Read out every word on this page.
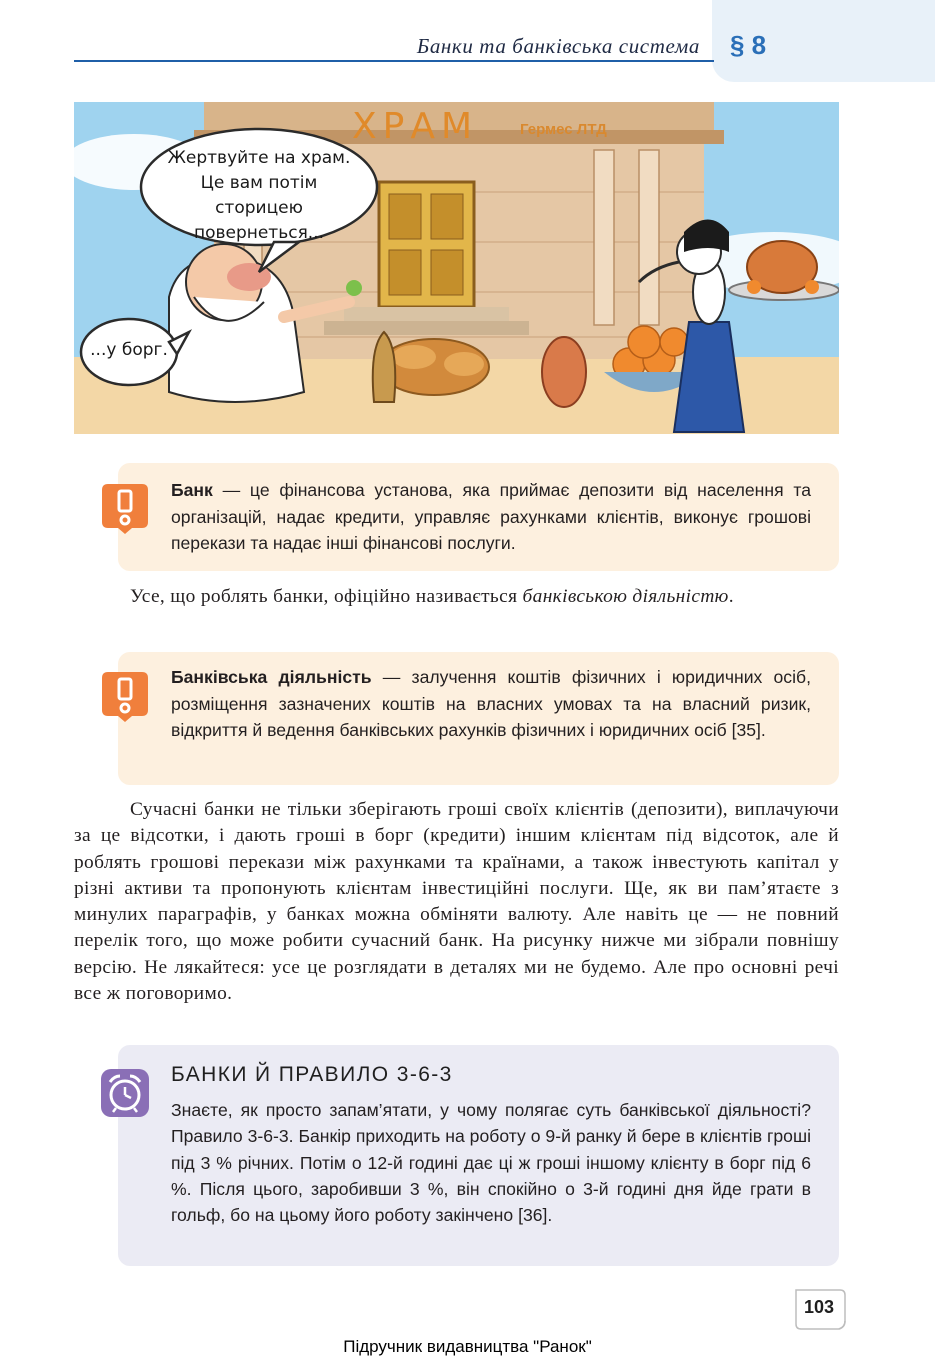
Банки та банківська система § 8
ХРАМ	Гермес ЛТД
Жертвуйте на храм. Це вам потім сторицею повернеться...
...у борг.

Банк — це фінансова установа, яка приймає депозити від населення та організацій, надає кредити, управляє рахунками клієнтів, виконує грошові перекази та надає інші фінансові послуги.

Усе, що роблять банки, офіційно називається банківською діяльністю.

Банківська діяльність — залучення коштів фізичних і юридичних осіб, розміщення зазначених коштів на власних умовах та на власний ризик, відкриття й ведення банківських рахунків фізичних і юридичних осіб [35].

Сучасні банки не тільки зберігають гроші своїх клієнтів (депозити), виплачуючи за це відсотки, і дають гроші в борг (кредити) іншим клієнтам під відсоток, але й роблять грошові перекази між рахунками та країнами, а також інвестують капітал у різні активи та пропонують клієнтам інвестиційні послуги. Ще, як ви пам’ятаєте з минулих параграфів, у банках можна обміняти валюту. Але навіть це — не повний перелік того, що може робити сучасний банк. На рисунку нижче ми зібрали повнішу версію. Не лякайтеся: усе це розглядати в деталях ми не будемо. Але про основні речі все ж поговоримо.

БАНКИ Й ПРАВИЛО 3-6-3

Знаєте, як просто запам’ятати, у чому полягає суть банківської діяльності? Правило 3-6-3. Банкір приходить на роботу о 9-й ранку й бере в клієнтів гроші під 3 % річних. Потім о 12-й годині дає ці ж гроші іншому клієнту в борг під 6 %. Після цього, заробивши 3 %, він спокійно о 3-й годині дня йде грати в гольф, бо на цьому його роботу закінчено [36].

103
Підручник видавництва "Ранок"
